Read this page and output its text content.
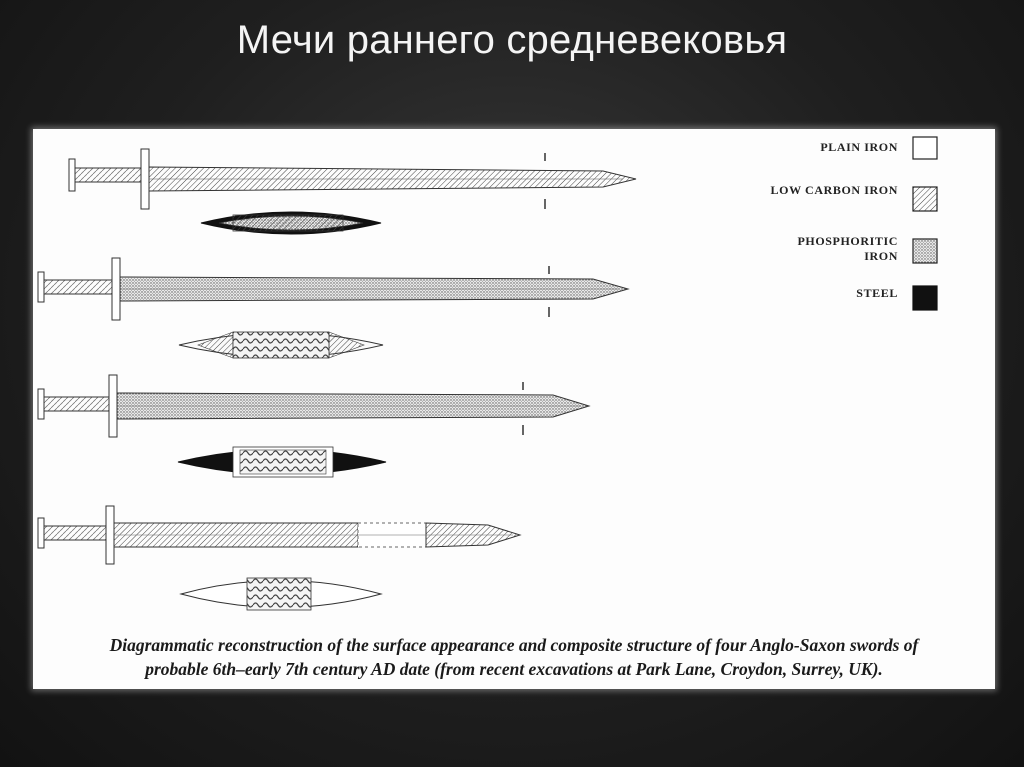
Мечи раннего средневековья
PLAIN IRON
LOW CARBON IRON
PHOSPHORITIC
IRON
STEEL
Diagrammatic reconstruction of the surface appearance and composite structure of four Anglo-Saxon swords of
probable 6th–early 7th century AD date (from recent excavations at Park Lane, Croydon, Surrey, UK).
